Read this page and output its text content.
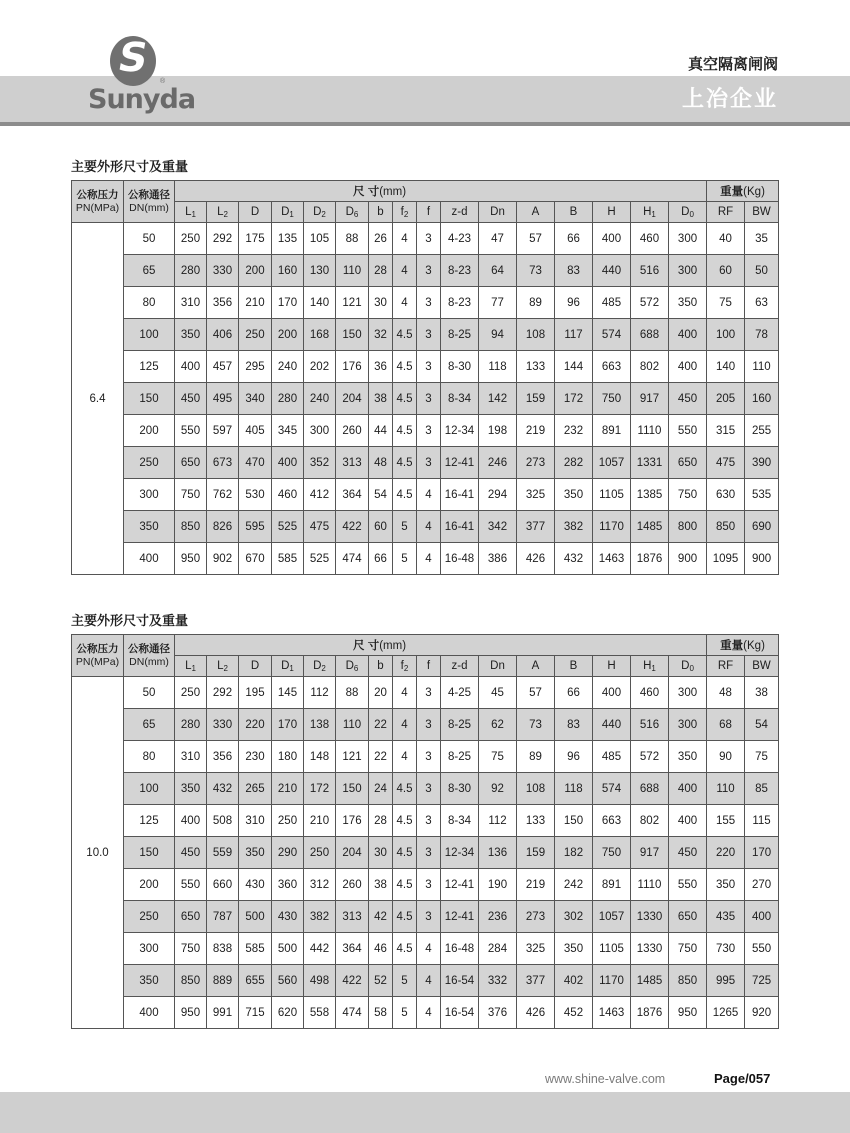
S
®
Sunyda
真空隔离闸阀
上冶企业
主要外形尺寸及重量
公称压力
PN(MPa)	公称通径
DN(mm)	尺 寸(mm)																重量(Kg)	
		$L_1$	$L_2$	D	$D_1$	$D_2$	$D_6$	b	$f_2$	f	z-d	Dn	A	B	H	$H_1$	$D_0$	RF	BW
6.4	50	250	292	175	135	105	88	26	4	3	4-23	47	57	66	400	460	300	40	35
	65	280	330	200	160	130	110	28	4	3	8-23	64	73	83	440	516	300	60	50
	80	310	356	210	170	140	121	30	4	3	8-23	77	89	96	485	572	350	75	63
	100	350	406	250	200	168	150	32	4.5	3	8-25	94	108	117	574	688	400	100	78
	125	400	457	295	240	202	176	36	4.5	3	8-30	118	133	144	663	802	400	140	110
	150	450	495	340	280	240	204	38	4.5	3	8-34	142	159	172	750	917	450	205	160
	200	550	597	405	345	300	260	44	4.5	3	12-34	198	219	232	891	1110	550	315	255
	250	650	673	470	400	352	313	48	4.5	3	12-41	246	273	282	1057	1331	650	475	390
	300	750	762	530	460	412	364	54	4.5	4	16-41	294	325	350	1105	1385	750	630	535
	350	850	826	595	525	475	422	60	5	4	16-41	342	377	382	1170	1485	800	850	690
	400	950	902	670	585	525	474	66	5	4	16-48	386	426	432	1463	1876	900	1095	900
主要外形尺寸及重量
公称压力
PN(MPa)	公称通径
DN(mm)	尺 寸(mm)																重量(Kg)	
		$L_1$	$L_2$	D	$D_1$	$D_2$	$D_6$	b	$f_2$	f	z-d	Dn	A	B	H	$H_1$	$D_0$	RF	BW
10.0	50	250	292	195	145	112	88	20	4	3	4-25	45	57	66	400	460	300	48	38
	65	280	330	220	170	138	110	22	4	3	8-25	62	73	83	440	516	300	68	54
	80	310	356	230	180	148	121	22	4	3	8-25	75	89	96	485	572	350	90	75
	100	350	432	265	210	172	150	24	4.5	3	8-30	92	108	118	574	688	400	110	85
	125	400	508	310	250	210	176	28	4.5	3	8-34	112	133	150	663	802	400	155	115
	150	450	559	350	290	250	204	30	4.5	3	12-34	136	159	182	750	917	450	220	170
	200	550	660	430	360	312	260	38	4.5	3	12-41	190	219	242	891	1110	550	350	270
	250	650	787	500	430	382	313	42	4.5	3	12-41	236	273	302	1057	1330	650	435	400
	300	750	838	585	500	442	364	46	4.5	4	16-48	284	325	350	1105	1330	750	730	550
	350	850	889	655	560	498	422	52	5	4	16-54	332	377	402	1170	1485	850	995	725
	400	950	991	715	620	558	474	58	5	4	16-54	376	426	452	1463	1876	950	1265	920
www.shine-valve.com	Page/057
